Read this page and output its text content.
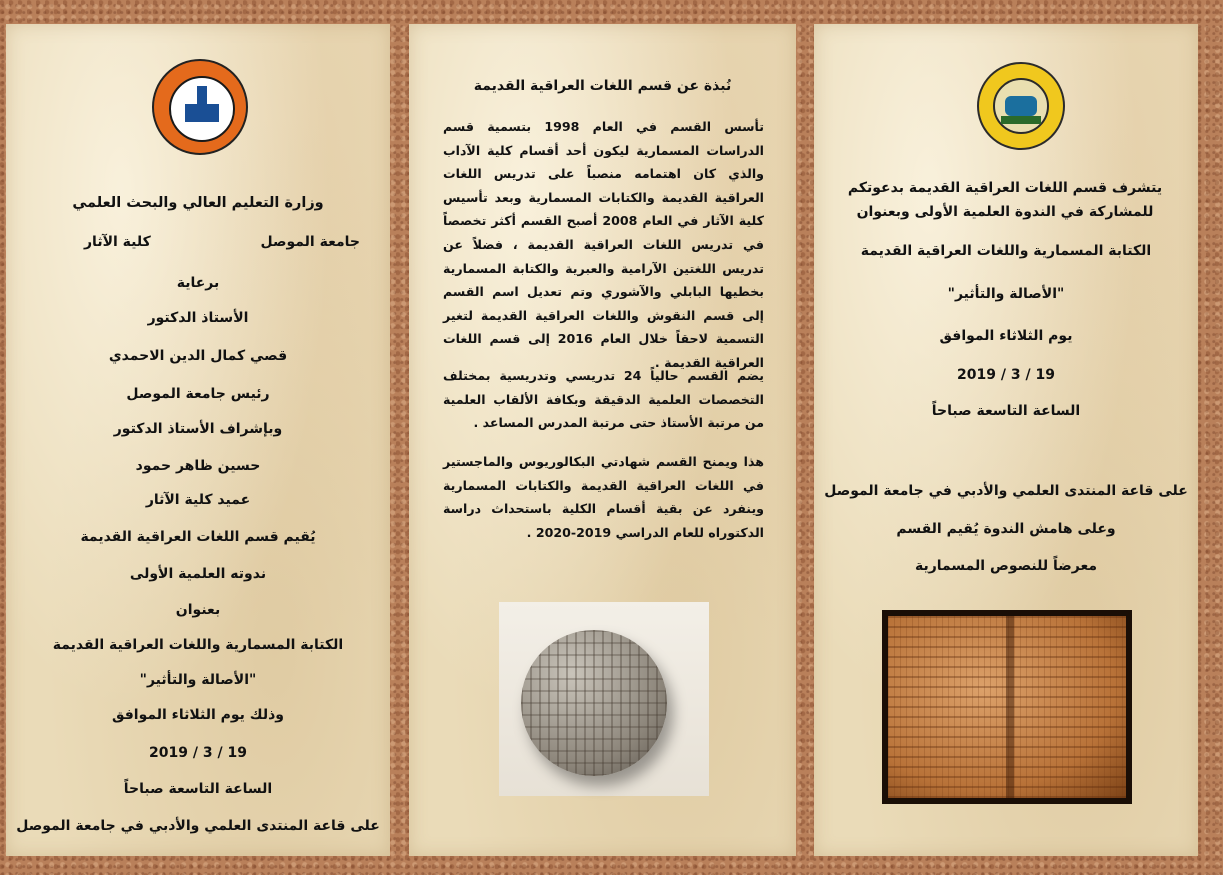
وزارة التعليم العالي والبحث العلمي
جامعة الموصل
كلية الآثار
برعاية
الأستاذ الدكتور
قصي كمال الدين الاحمدي
رئيس جامعة الموصل
وبإشراف الأستاذ الدكتور
حسين ظاهر حمود
عميد كلية الآثار
يُقيم قسم اللغات العراقية القديمة
ندوته العلمية الأولى
بعنوان
الكتابة المسمارية واللغات العراقية القديمة
"الأصالة والتأثير"
وذلك يوم الثلاثاء الموافق
2019 / 3 / 19
الساعة التاسعة صباحاً
على قاعة المنتدى العلمي والأدبي في جامعة الموصل
نُبذة عن قسم اللغات العراقية القديمة
تأسس القسم في العام 1998 بتسمية قسم الدراسات المسمارية ليكون أحد أقسام كلية الآداب والذي كان اهتمامه منصباً على تدريس اللغات العراقية القديمة والكتابات المسمارية وبعد تأسيس كلية الآثار في العام 2008 أصبح القسم أكثر تخصصاً في تدريس اللغات العراقية القديمة ، فضلاً عن تدريس اللغتين الآرامية والعبرية والكتابة المسمارية بخطيها البابلي والآشوري وتم تعديل اسم القسم إلى قسم النقوش واللغات العراقية القديمة لتغير التسمية لاحقاً خلال العام 2016 إلى قسم اللغات العراقية القديمة .
يضم القسم حالياً 24 تدريسي وتدريسية بمختلف التخصصات العلمية الدقيقة وبكافة الألقاب العلمية من مرتبة الأستاذ حتى مرتبة المدرس المساعد .
هذا ويمنح القسم شهادتي البكالوريوس والماجستير في اللغات العراقية القديمة والكتابات المسمارية وينفرد عن بقية أقسام الكلية باستحداث دراسة الدكتوراه للعام الدراسي 2019-2020 .
يتشرف قسم اللغات العراقية القديمة بدعوتكم للمشاركة في الندوة العلمية الأولى وبعنوان
الكتابة المسمارية واللغات العراقية القديمة
"الأصالة والتأثير"
يوم الثلاثاء الموافق
2019 / 3 / 19
الساعة التاسعة صباحاً
على قاعة المنتدى العلمي والأدبي في جامعة الموصل
وعلى هامش الندوة يُقيم القسم
معرضاً للنصوص المسمارية
